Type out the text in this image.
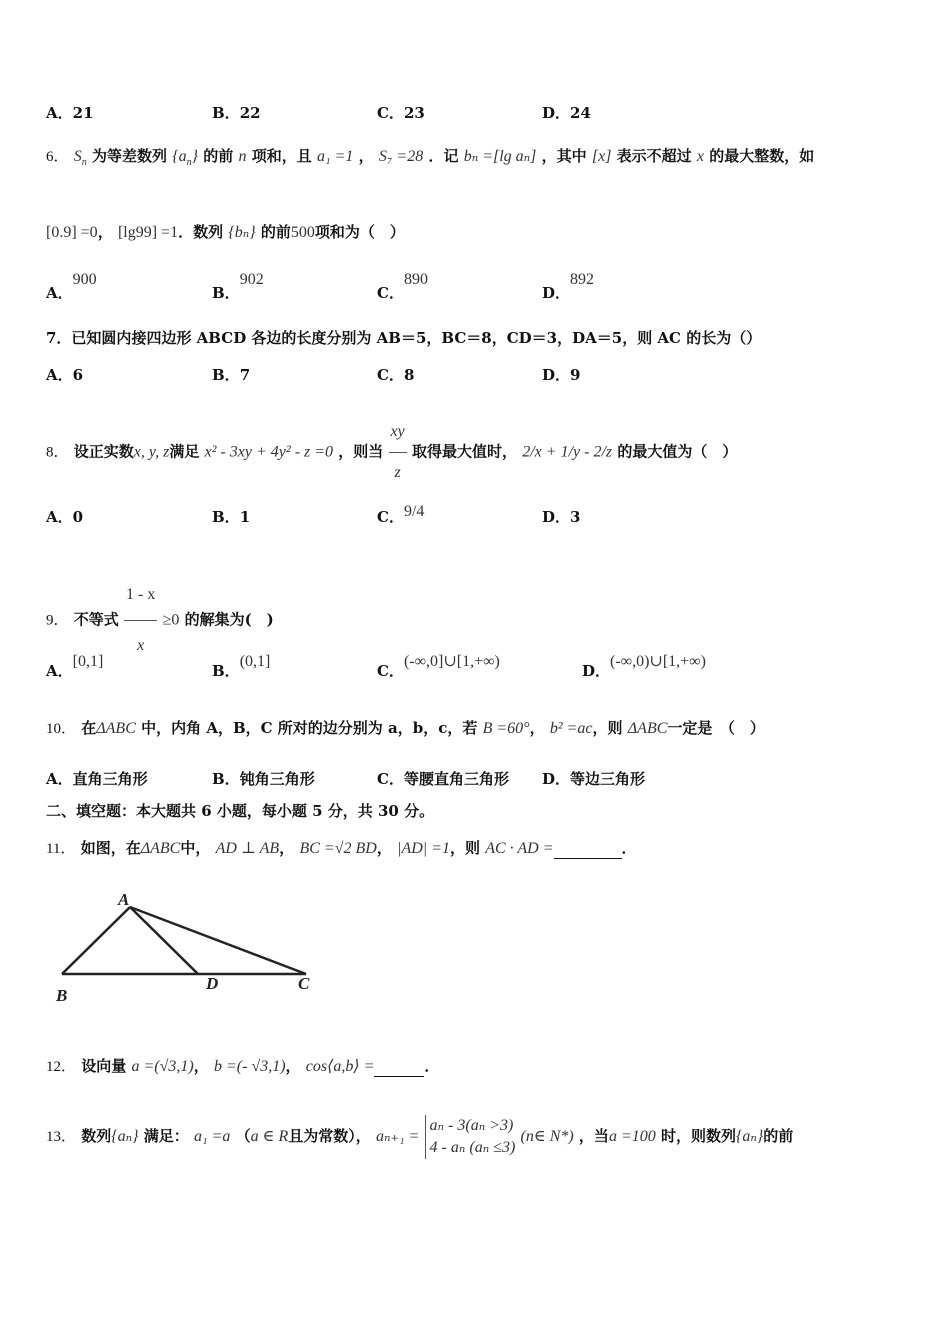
A．21	B．22	C．23	D．24
6． $S_n$ 为等差数列 $\{a_n\}$ 的前 n 项和，且 a₁ =1 ， S₇ =28 ．记 bₙ =[lg aₙ] ，其中 [x] 表示不超过 x 的最大整数，如
[0.9] =0， [lg99] =1．数列 {bₙ} 的前500项和为（　）
A．900
B．902
C．890
D．892
7．已知圆内接四边形 ABCD 各边的长度分别为 AB＝5，BC＝8，CD＝3，DA＝5，则 AC 的长为（）
A．6	B．7	C．8	D．9
8． 设正实数x, y, z满足 x² - 3xy + 4y² - z =0 ，则当 $\frac{xy}{z}$ 取得最大值时， 2/x + 1/y - 2/z 的最大值为（　）
A．0	B．1	C．9/4	D．3
9． 不等式 $\frac{1 - x}{x} \ge 0$ 的解集为(　)
A．[0,1]
B．(0,1]
C．(-∞,0]∪[1,+∞)
D．(-∞,0)∪[1,+∞)
10． 在ΔABC 中，内角 A，B，C 所对的边分别为 a，b，c，若 B =60°， b² =ac，则 ΔABC一定是　（　）
A．直角三角形	B．钝角三角形	C．等腰直角三角形 D．等边三角形
二、填空题：本大题共 6 小题，每小题 5 分，共 30 分。
11． 如图，在ΔABC中， AD ⊥ AB， BC =√2 BD， |AD| =1，则 AC · AD =	．
A
B
D	C
12． 设向量 a =(√3,1)， b =(- √3,1)， cos⟨a,b⟩ =	．
13． 数列{aₙ} 满足： a₁ =a （a ∈ R且为常数）， aₙ₊₁ =
aₙ - 3(aₙ >3)
4 - aₙ (aₙ ≤3)
(n∈ N*) ，当a =100 时，则数列{aₙ}的前
